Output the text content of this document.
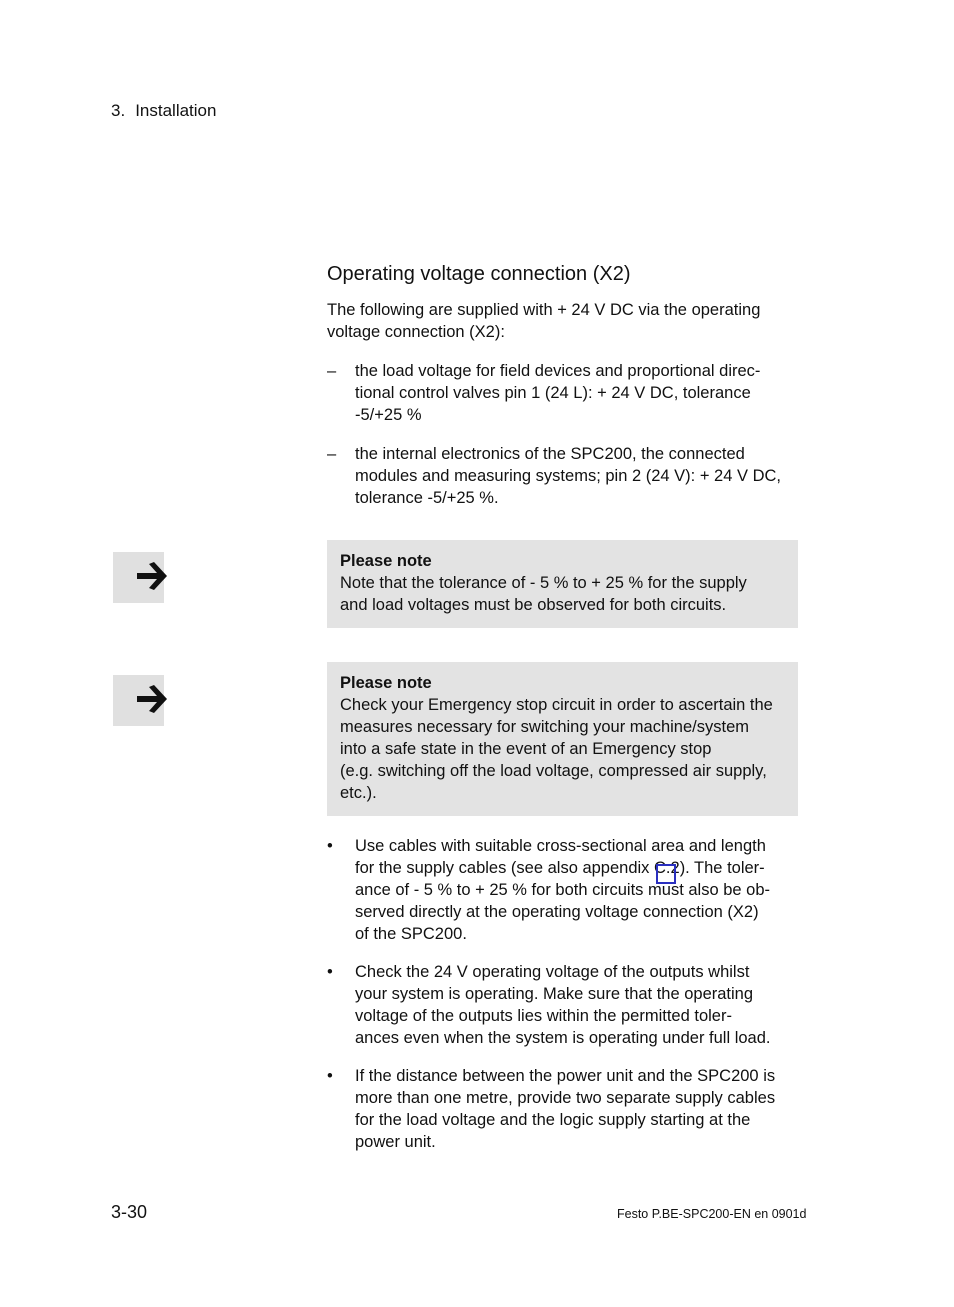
3. Installation
Operating voltage connection (X2)
The following are supplied with + 24 V DC via the operating voltage connection (X2):
– the load voltage for field devices and proportional direc-
tional control valves pin 1 (24 L): + 24 V DC, tolerance
-5/+25 %
– the internal electronics of the SPC200, the connected
modules and measuring systems; pin 2 (24 V): + 24 V DC,
tolerance -5/+25 %.
Please note
Note that the tolerance of - 5 % to + 25 % for the supply
and load voltages must be observed for both circuits.
Please note
Check your Emergency stop circuit in order to ascertain the
measures necessary for switching your machine/system
into a safe state in the event of an Emergency stop
(e.g. switching off the load voltage, compressed air supply,
etc.).
• Use cables with suitable cross-sectional area and length
for the supply cables (see also appendix C.2). The toler-
ance of - 5 % to + 25 % for both circuits must also be ob-
served directly at the operating voltage connection (X2)
of the SPC200.
• Check the 24 V operating voltage of the outputs whilst
your system is operating. Make sure that the operating
voltage of the outputs lies within the permitted toler-
ances even when the system is operating under full load.
• If the distance between the power unit and the SPC200 is
more than one metre, provide two separate supply cables
for the load voltage and the logic supply starting at the
power unit.
3-30	Festo P.BE-SPC200-EN en 0901d
